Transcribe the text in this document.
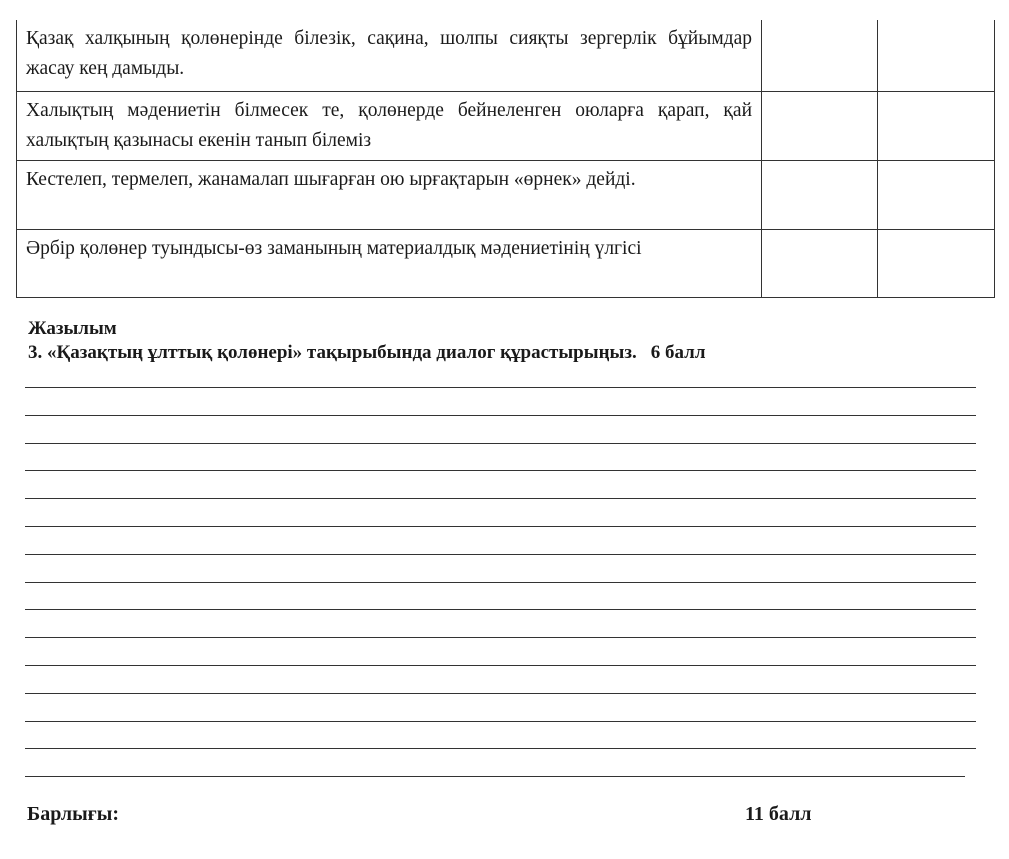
Қазақ халқының қолөнерінде білезік, сақина, шолпы сияқты зергерлік бұйымдар жасау кең дамыды.		
Халықтың мәдениетін білмесек те, қолөнерде бейнеленген оюларға қарап, қай халықтың қазынасы екенін танып білеміз		
Кестелеп, термелеп, жанамалап шығарған ою ырғақтарын «өрнек» дейді.		
Әрбір қолөнер туындысы-өз заманының материалдық мәдениетінің үлгісі		
Жазылым
3. «Қазақтың ұлттық қолөнері» тақырыбында диалог құрастырыңыз. 6 балл
Барлығы:	11 балл
